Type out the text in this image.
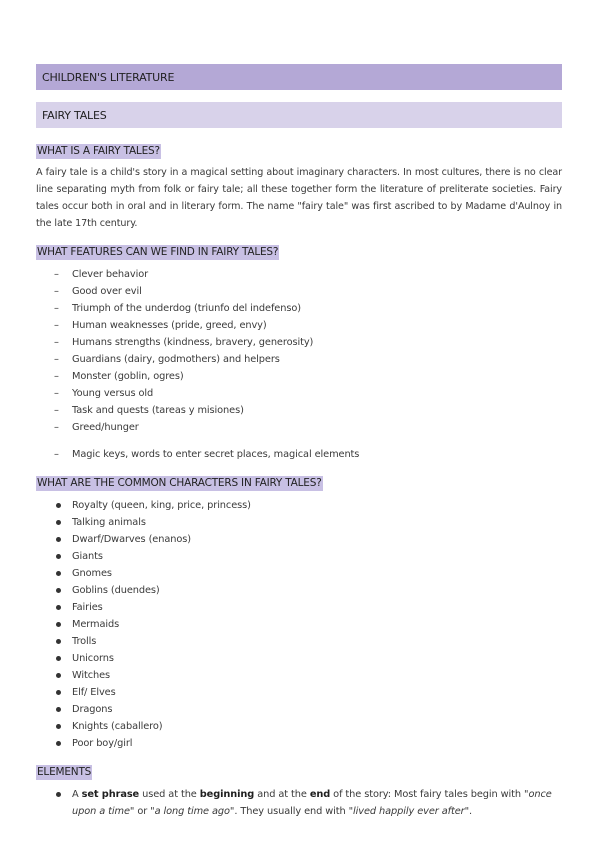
CHILDREN'S LITERATURE
FAIRY TALES
WHAT IS A FAIRY TALES?

A fairy tale is a child's story in a magical setting about imaginary characters. In most cultures, there is no clear line separating myth from folk or fairy tale; all these together form the literature of preliterate societies. Fairy tales occur both in oral and in literary form. The name "fairy tale" was first ascribed to by Madame d'Aulnoy in the late 17th century.

WHAT FEATURES CAN WE FIND IN FAIRY TALES?
– Clever behavior
– Good over evil
– Triumph of the underdog (triunfo del indefenso)
– Human weaknesses (pride, greed, envy)
– Humans strengths (kindness, bravery, generosity)
– Guardians (dairy, godmothers) and helpers
– Monster (goblin, ogres)
– Young versus old
– Task and quests (tareas y misiones)
– Greed/hunger
– Magic keys, words to enter secret places, magical elements
WHAT ARE THE COMMON CHARACTERS IN FAIRY TALES?
Royalty (queen, king, price, princess)
Talking animals
Dwarf/Dwarves (enanos)
Giants
Gnomes
Goblins (duendes)
Fairies
Mermaids
Trolls
Unicorns
Witches
Elf/ Elves
Dragons
Knights (caballero)
Poor boy/girl
ELEMENTS
A set phrase used at the beginning and at the end of the story: Most fairy tales begin with "once upon a time" or "a long time ago". They usually end with "lived happily ever after".
